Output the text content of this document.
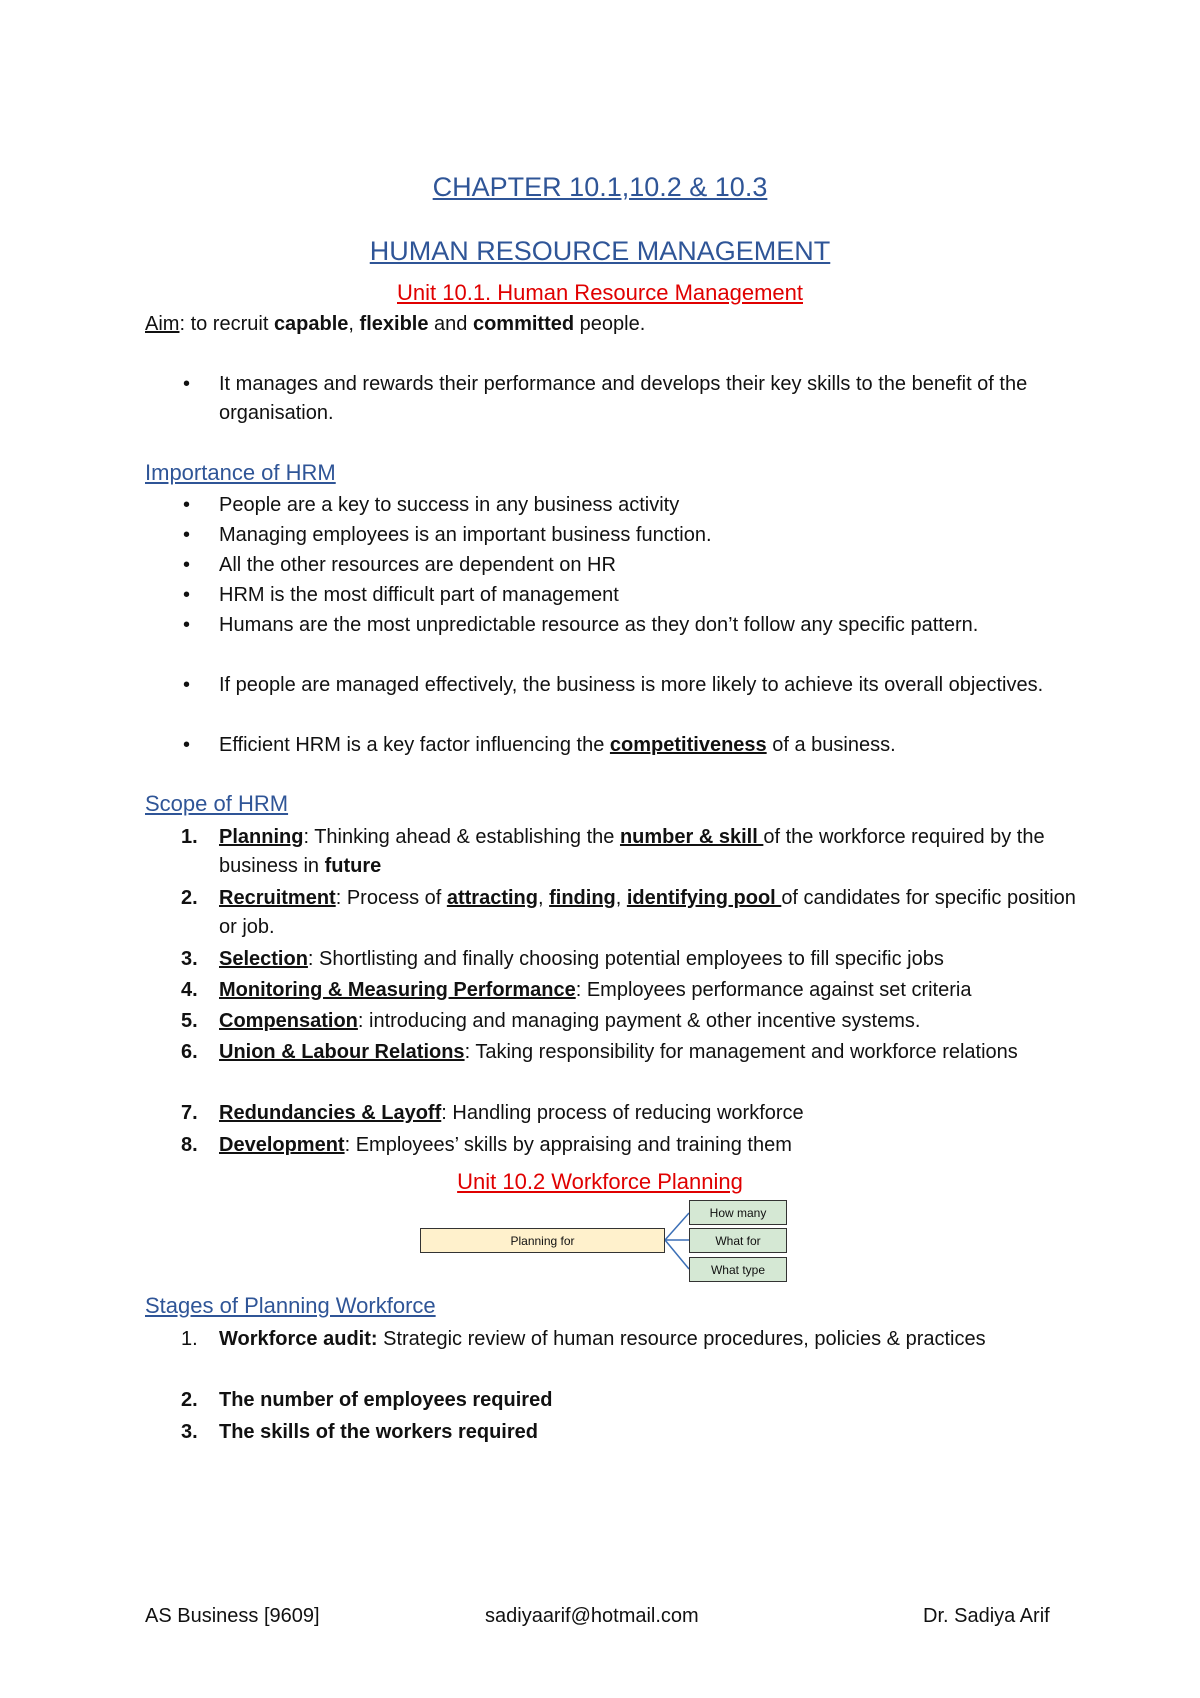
CHAPTER 10.1,10.2 & 10.3
HUMAN RESOURCE MANAGEMENT
Unit 10.1. Human Resource Management
Aim: to recruit capable, flexible and committed people.
• It manages and rewards their performance and develops their key skills to the benefit of the organisation.
Importance of HRM
• People are a key to success in any business activity
• Managing employees is an important business function.
• All the other resources are dependent on HR
• HRM is the most difficult part of management
• Humans are the most unpredictable resource as they don’t follow any specific pattern.
• If people are managed effectively, the business is more likely to achieve its overall objectives.
• Efficient HRM is a key factor influencing the competitiveness of a business.
Scope of HRM
1. Planning: Thinking ahead & establishing the number & skill of the workforce required by the business in future
2. Recruitment: Process of attracting, finding, identifying pool of candidates for specific position or job.
3. Selection: Shortlisting and finally choosing potential employees to fill specific jobs
4. Monitoring & Measuring Performance: Employees performance against set criteria
5. Compensation: introducing and managing payment & other incentive systems.
6. Union & Labour Relations: Taking responsibility for management and workforce relations
7. Redundancies & Layoff: Handling process of reducing workforce
8. Development: Employees’ skills by appraising and training them
Unit 10.2 Workforce Planning
Planning for
How many
What for
What type
Stages of Planning Workforce
1. Workforce audit: Strategic review of human resource procedures, policies & practices
2. The number of employees required
3. The skills of the workers required
AS Business [9609]	sadiyaarif@hotmail.com	Dr. Sadiya Arif
